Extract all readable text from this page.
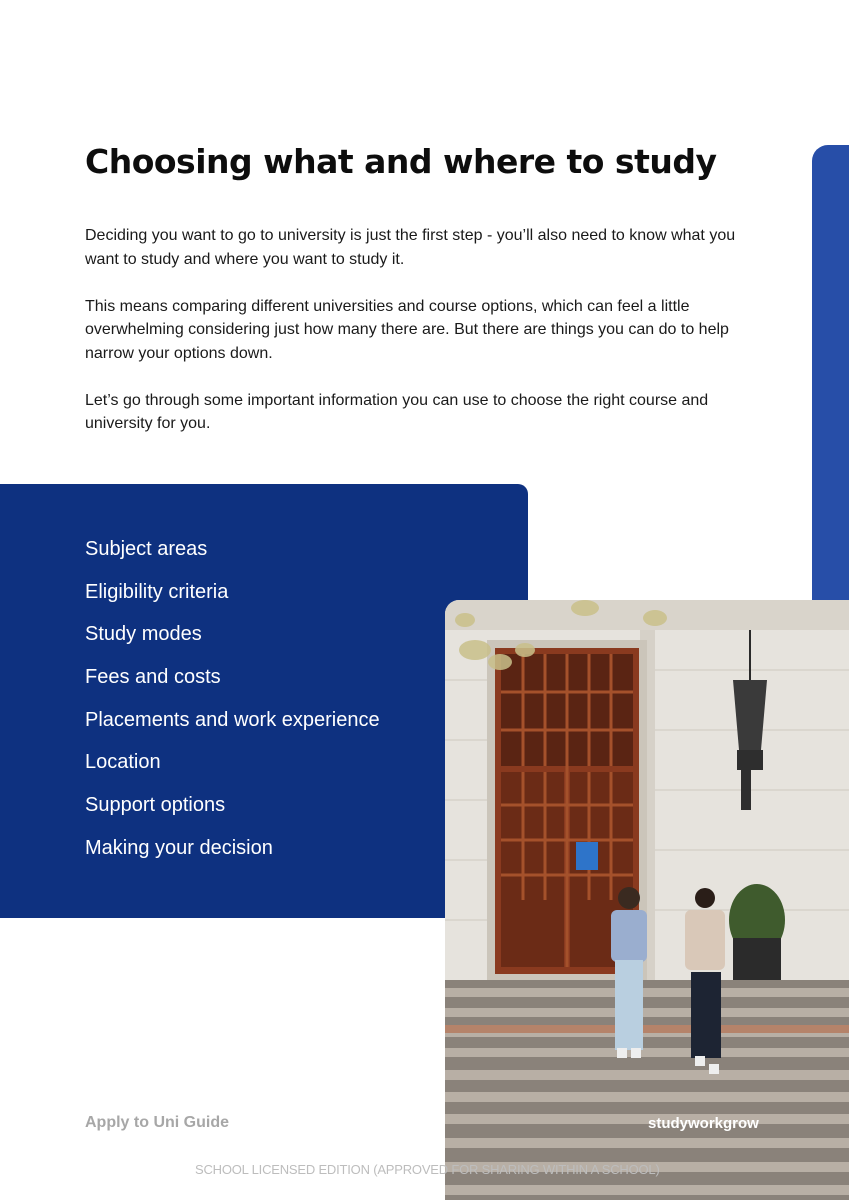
Choosing what and where to study

Deciding you want to go to university is just the first step - you’ll also need to know what you want to study and where you want to study it.

This means comparing different universities and course options, which can feel a little overwhelming considering just how many there are. But there are things you can do to help narrow your options down.

Let’s go through some important information you can use to choose the right course and university for you.

Subject areas
Eligibility criteria
Study modes
Fees and costs
Placements and work experience
Location
Support options
Making your decision
Apply to Uni Guide	studyworkgrow
SCHOOL LICENSED EDITION (APPROVED FOR SHARING WITHIN A SCHOOL)
